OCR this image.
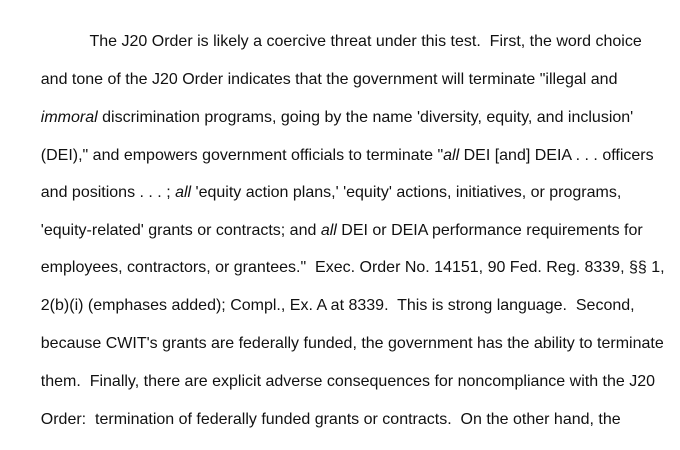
The J20 Order is likely a coercive threat under this test.  First, the word choice

and tone of the J20 Order indicates that the government will terminate "illegal and

immoral discrimination programs, going by the name 'diversity, equity, and inclusion'

(DEI)," and empowers government officials to terminate "all DEI [and] DEIA . . . officers

and positions . . . ; all 'equity action plans,' 'equity' actions, initiatives, or programs,

'equity-related' grants or contracts; and all DEI or DEIA performance requirements for

employees, contractors, or grantees."  Exec. Order No. 14151, 90 Fed. Reg. 8339, §§ 1,

2(b)(i) (emphases added); Compl., Ex. A at 8339.  This is strong language.  Second,

because CWIT's grants are federally funded, the government has the ability to terminate

them.  Finally, there are explicit adverse consequences for noncompliance with the J20

Order:  termination of federally funded grants or contracts.  On the other hand, the
